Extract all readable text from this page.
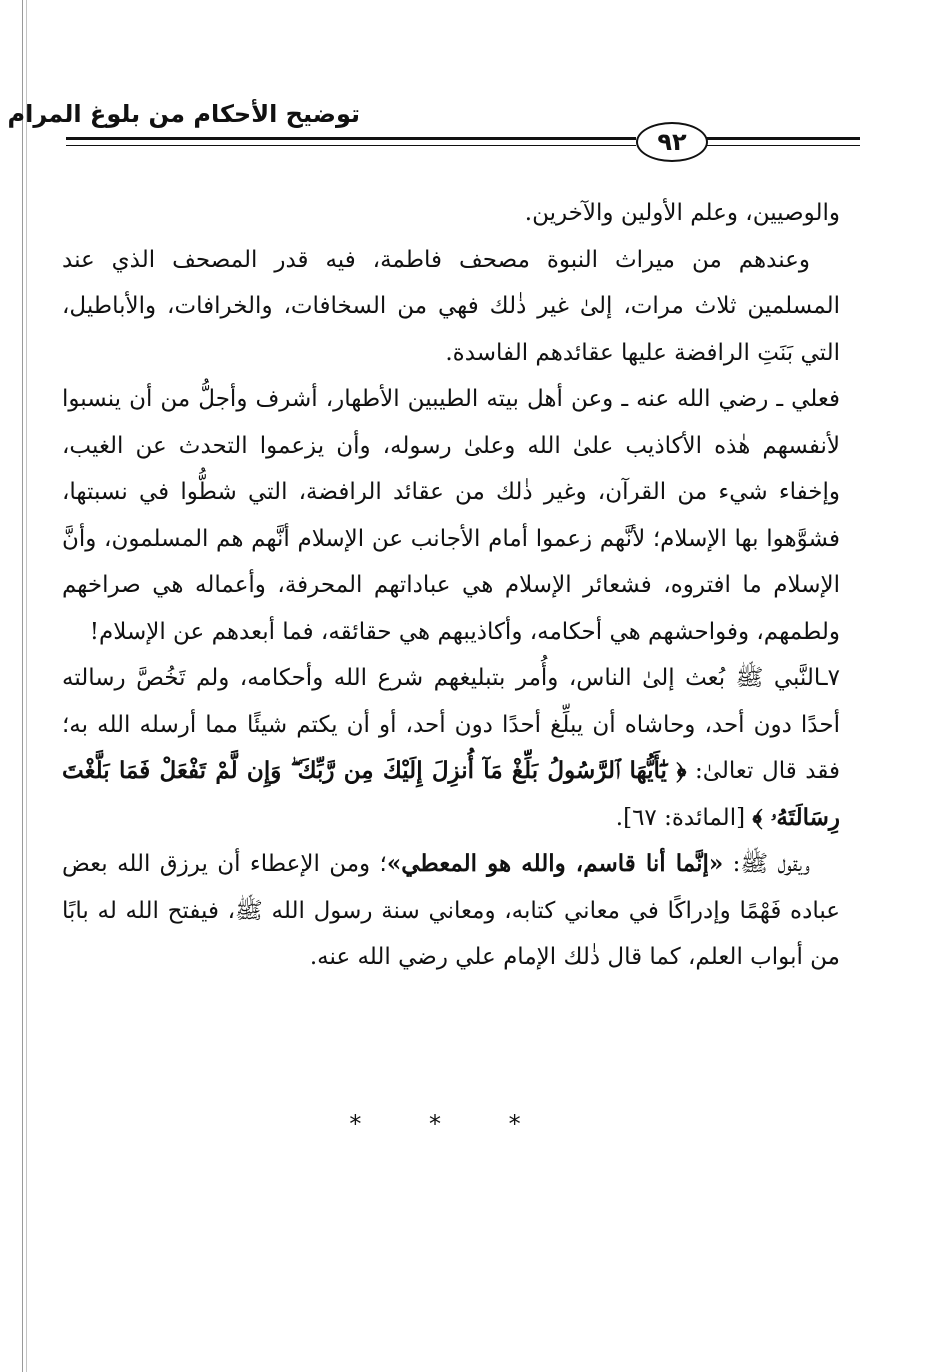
توضيح الأحكام من بلوغ المرام
٩٢

والوصيين، وعلم الأولين والآخرين.

وعندهم من ميراث النبوة مصحف فاطمة، فيه قدر المصحف الذي عند المسلمين ثلاث مرات، إلىٰ غير ذٰلك فهي من السخافات، والخرافات، والأباطيل، التي بَنَتِ الرافضة عليها عقائدهم الفاسدة.

فعلي ـ رضي الله عنه ـ وعن أهل بيته الطيبين الأطهار، أشرف وأجلُّ من أن ينسبوا لأنفسهم هٰذه الأكاذيب علىٰ الله وعلىٰ رسوله، وأن يزعموا التحدث عن الغيب، وإخفاء شيء من القرآن، وغير ذٰلك من عقائد الرافضة، التي شطُّوا في نسبتها، فشوَّهوا بها الإسلام؛ لأنَّهم زعموا أمام الأجانب عن الإسلام أنَّهم هم المسلمون، وأنَّ الإسلام ما افتروه، فشعائر الإسلام هي عباداتهم المحرفة، وأعماله هي صراخهم ولطمهم، وفواحشهم هي أحكامه، وأكاذيبهم هي حقائقه، فما أبعدهم عن الإسلام!

٧ـالنَّبي ﷺ بُعث إلىٰ الناس، وأُمر بتبليغهم شرع الله وأحكامه، ولم تَخُصَّ رسالته أحدًا دون أحد، وحاشاه أن يبلِّغ أحدًا دون أحد، أو أن يكتم شيئًا مما أرسله الله به؛ فقد قال تعالىٰ: ﴿ يَٰٓأَيُّهَا ٱلرَّسُولُ بَلِّغْ مَآ أُنزِلَ إِلَيْكَ مِن رَّبِّكَ ۖ وَإِن لَّمْ تَفْعَلْ فَمَا بَلَّغْتَ رِسَالَتَهُۥ ﴾ [المائدة: ٦٧].

ويقول ﷺ: «إنَّما أنا قاسم، والله هو المعطي»؛ ومن الإعطاء أن يرزق الله بعض عباده فَهْمًا وإدراكًا في معاني كتابه، ومعاني سنة رسول الله ﷺ، فيفتح الله له بابًا من أبواب العلم، كما قال ذٰلك الإمام علي رضي الله عنه.

* * *
